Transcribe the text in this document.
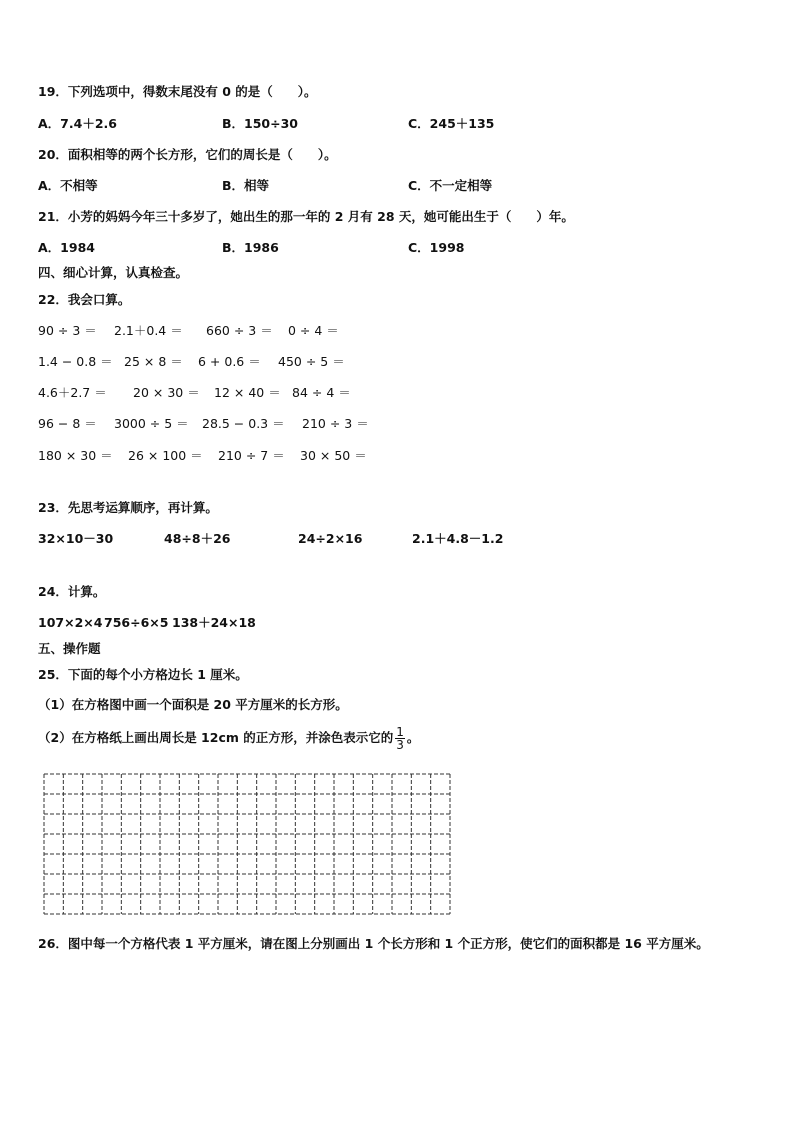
19．下列选项中，得数末尾没有 0 的是（　　）。
A．7.4＋2.6	B．150÷30	C．245＋135
20．面积相等的两个长方形，它们的周长是（　　）。
A．不相等	B．相等	C．不一定相等
21．小芳的妈妈今年三十多岁了，她出生的那一年的 2 月有 28 天，她可能出生于（　　）年。
A．1984	B．1986	C．1998
四、细心计算，认真检查。
22．我会口算。
90 ÷ 3 ＝ 2.1＋0.4 ＝ 660 ÷ 3 ＝ 0 ÷ 4 ＝
1.4 − 0.8 ＝ 25 × 8 ＝ 6 + 0.6 ＝ 450 ÷ 5 ＝
4.6＋2.7 ＝ 20 × 30 ＝ 12 × 40 ＝ 84 ÷ 4 ＝
96 − 8 ＝ 3000 ÷ 5 ＝ 28.5 − 0.3 ＝ 210 ÷ 3 ＝
180 × 30 ＝ 26 × 100 ＝ 210 ÷ 7 ＝ 30 × 50 ＝
23．先思考运算顺序，再计算。
32×10－30	48÷8＋26	24÷2×16	2.1＋4.8－1.2
24．计算。
107×2×4 756÷6×5 138＋24×18
五、操作题
25．下面的每个小方格边长 1 厘米。
（1）在方格图中画一个面积是 20 平方厘米的长方形。
（2）在方格纸上画出周长是 12cm 的正方形，并涂色表示它的 $\frac{1}{3}$ 。
26．图中每一个方格代表 1 平方厘米，请在图上分别画出 1 个长方形和 1 个正方形，使它们的面积都是 16 平方厘米。
